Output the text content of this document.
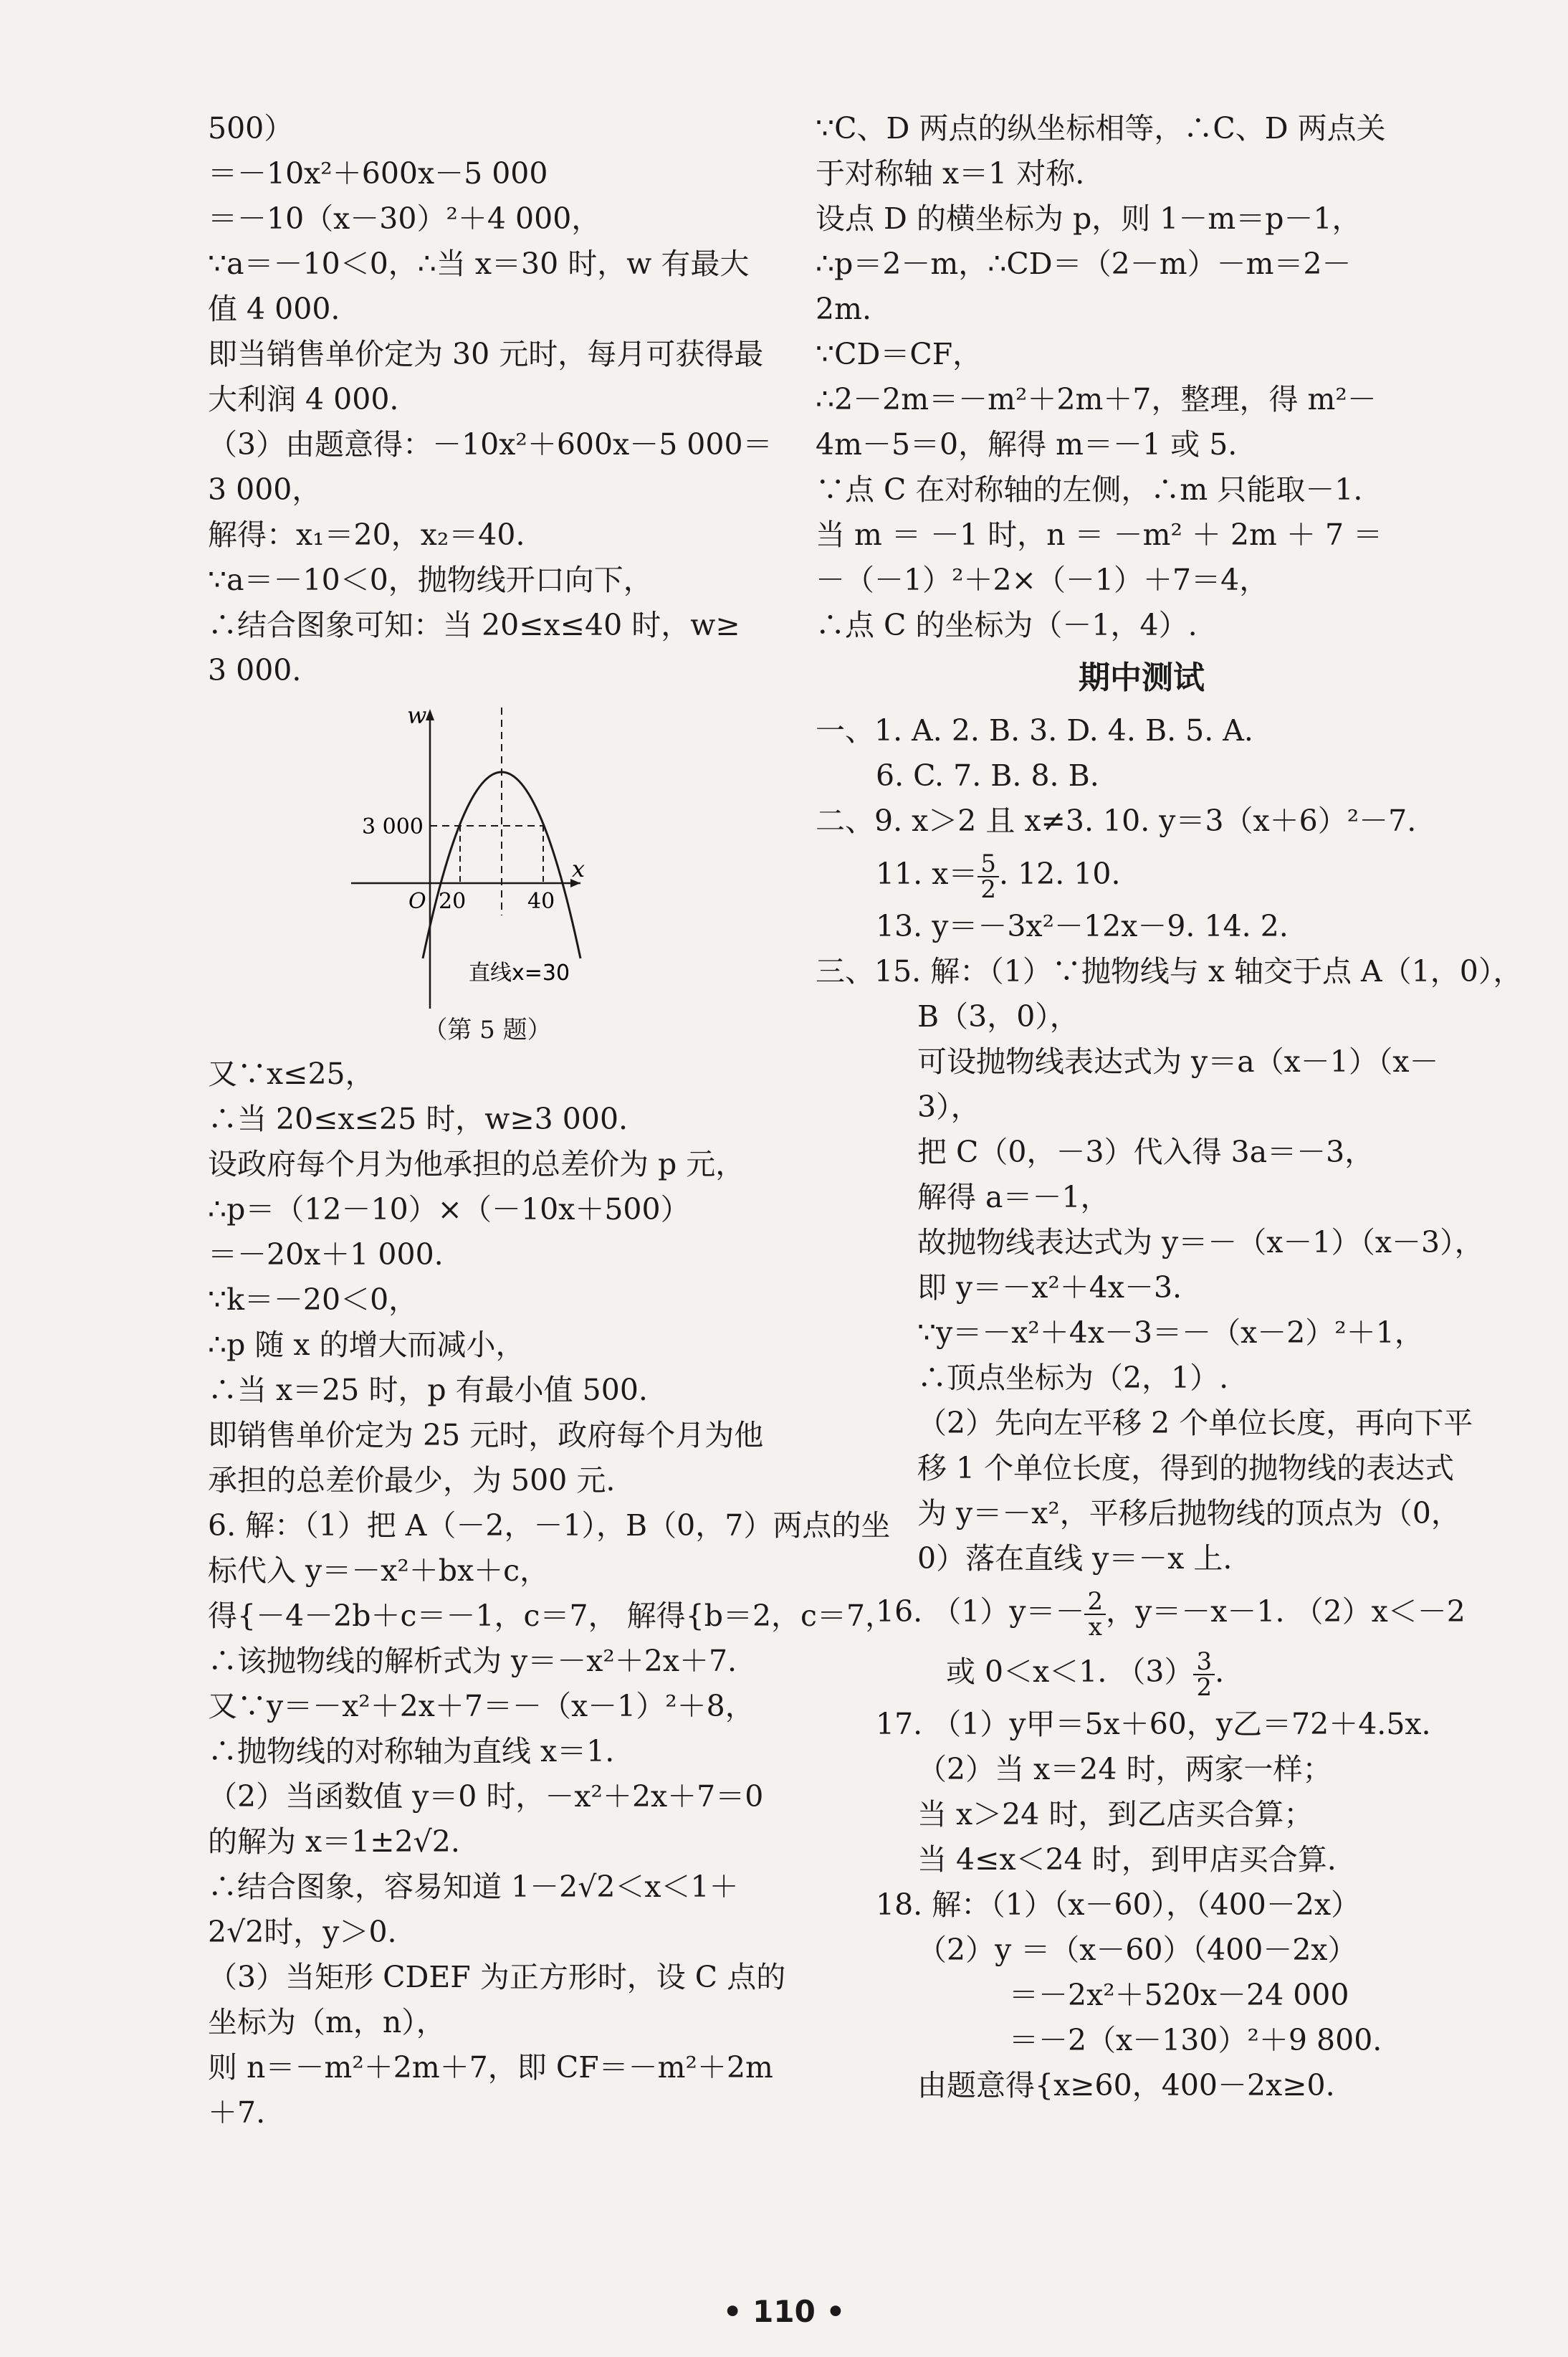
500）
＝－10x²＋600x－5 000
＝－10（x－30）²＋4 000，
∵a＝－10＜0，∴当 x＝30 时，w 有最大
值 4 000.
即当销售单价定为 30 元时，每月可获得最
大利润 4 000.
（3）由题意得：－10x²＋600x－5 000＝
3 000，
解得：x₁＝20，x₂＝40.
∵a＝－10＜0，抛物线开口向下，
∴结合图象可知：当 20≤x≤40 时，w≥
3 000.
w
x
O
3 000
20	40
直线x=30
（第 5 题）
又∵x≤25，
∴当 20≤x≤25 时，w≥3 000.
设政府每个月为他承担的总差价为 p 元，
∴p＝（12－10）×（－10x＋500）
＝－20x＋1 000.
∵k＝－20＜0，
∴p 随 x 的增大而减小，
∴当 x＝25 时，p 有最小值 500.
即销售单价定为 25 元时，政府每个月为他
承担的总差价最少，为 500 元.
6. 解：（1）把 A（－2，－1），B（0，7）两点的坐
标代入 y＝－x²＋bx＋c，
得{－4－2b＋c＝－1，c＝7， 解得{b＝2，c＝7，
∴该抛物线的解析式为 y＝－x²＋2x＋7.
又∵y＝－x²＋2x＋7＝－（x－1）²＋8，
∴抛物线的对称轴为直线 x＝1.
（2）当函数值 y＝0 时，－x²＋2x＋7＝0
的解为 x＝1±2√2.
∴结合图象，容易知道 1－2√2＜x＜1＋
2√2时，y＞0.
（3）当矩形 CDEF 为正方形时，设 C 点的
坐标为（m，n），
则 n＝－m²＋2m＋7，即 CF＝－m²＋2m
＋7.
∵C、D 两点的纵坐标相等，∴C、D 两点关
于对称轴 x＝1 对称.
设点 D 的横坐标为 p，则 1－m＝p－1，
∴p＝2－m，∴CD＝（2－m）－m＝2－
2m.
∵CD＝CF，
∴2－2m＝－m²＋2m＋7，整理，得 m²－
4m－5＝0，解得 m＝－1 或 5.
∵点 C 在对称轴的左侧，∴m 只能取－1.
当 m ＝ －1 时，n ＝ －m² ＋ 2m ＋ 7 ＝
－（－1）²＋2×（－1）＋7＝4，
∴点 C 的坐标为（－1，4）.
期中测试
一、1. A. 2. B. 3. D. 4. B. 5. A.
6. C. 7. B. 8. B.
二、9. x＞2 且 x≠3. 10. y＝3（x＋6）²－7.
11. $x= \frac{5}{2}$ . 12. 10.
13. y＝－3x²－12x－9. 14. 2.
三、15. 解：（1）∵抛物线与 x 轴交于点 A（1，0），
B（3，0），
可设抛物线表达式为 y＝a（x－1）（x－
3），
把 C（0，－3）代入得 3a＝－3，
解得 a＝－1，
故抛物线表达式为 y＝－（x－1）（x－3），
即 y＝－x²＋4x－3.
∵y＝－x²＋4x－3＝－（x－2）²＋1，
∴顶点坐标为（2，1）.
（2）先向左平移 2 个单位长度，再向下平
移 1 个单位长度，得到的抛物线的表达式
为 y＝－x²，平移后抛物线的顶点为（0，
0）落在直线 y＝－x 上.
16. $(1)y=- \frac{2}{x}$ ，y＝－x－1. （2）x＜－2
或 0＜x＜1. $(3) \frac{3}{2}$ .
17. （1）y甲＝5x＋60，y乙＝72＋4.5x.
（2）当 x＝24 时，两家一样；
当 x＞24 时，到乙店买合算；
当 4≤x＜24 时，到甲店买合算.
18. 解：（1）（x－60），（400－2x）
（2）y ＝（x－60）（400－2x）
＝－2x²＋520x－24 000
＝－2（x－130）²＋9 800.
由题意得{x≥60，400－2x≥0.
• 110 •
